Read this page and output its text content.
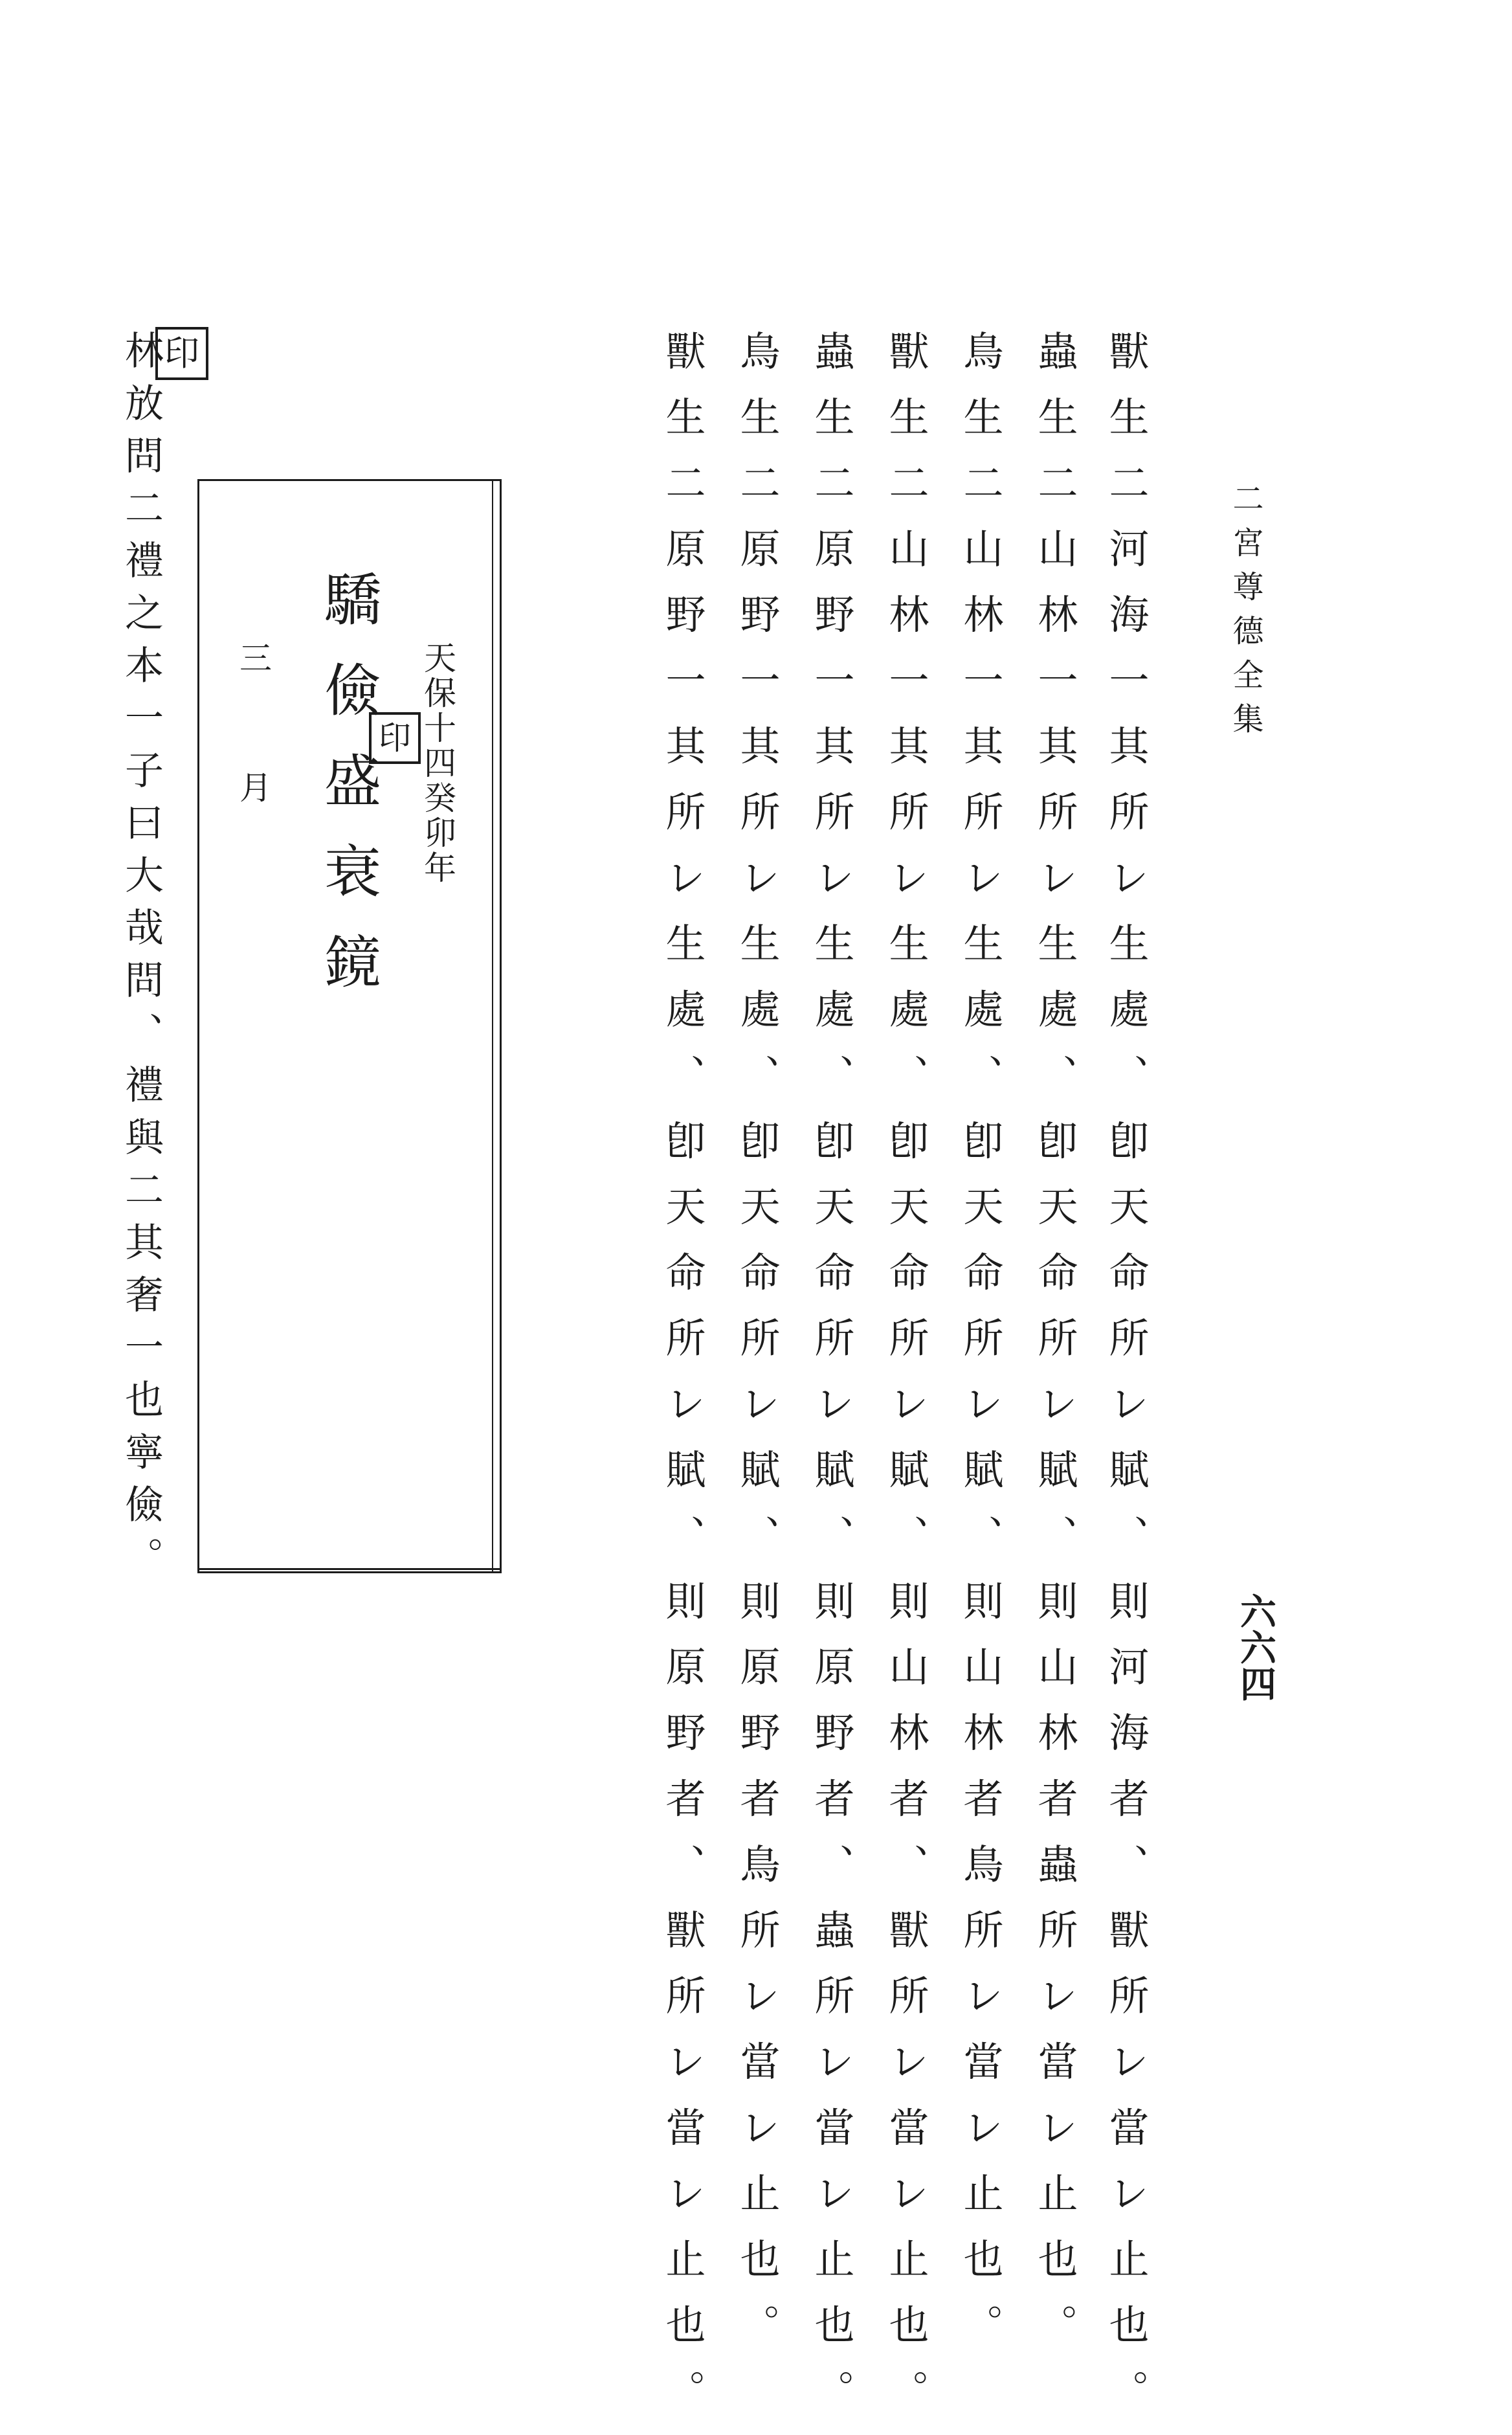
二宮尊德全集

六六四

獸生二河海一其所レ生處、卽天命所レ賦、則河海者、獸所レ當レ止也。

蟲生二山林一其所レ生處、卽天命所レ賦、則山林者蟲所レ當レ止也。

鳥生二山林一其所レ生處、卽天命所レ賦、則山林者鳥所レ當レ止也。

獸生二山林一其所レ生處、卽天命所レ賦、則山林者、獸所レ當レ止也。

蟲生二原野一其所レ生處、卽天命所レ賦、則原野者、蟲所レ當レ止也。

鳥生二原野一其所レ生處、卽天命所レ賦、則原野者鳥所レ當レ止也。

獸生二原野一其所レ生處、卽天命所レ賦、則原野者、獸所レ當レ止也。

天保十四癸卯年

印

驕儉盛衰鏡

三　月

印

林放問二禮之本一子曰大哉問、禮與二其奢一也寧儉。
